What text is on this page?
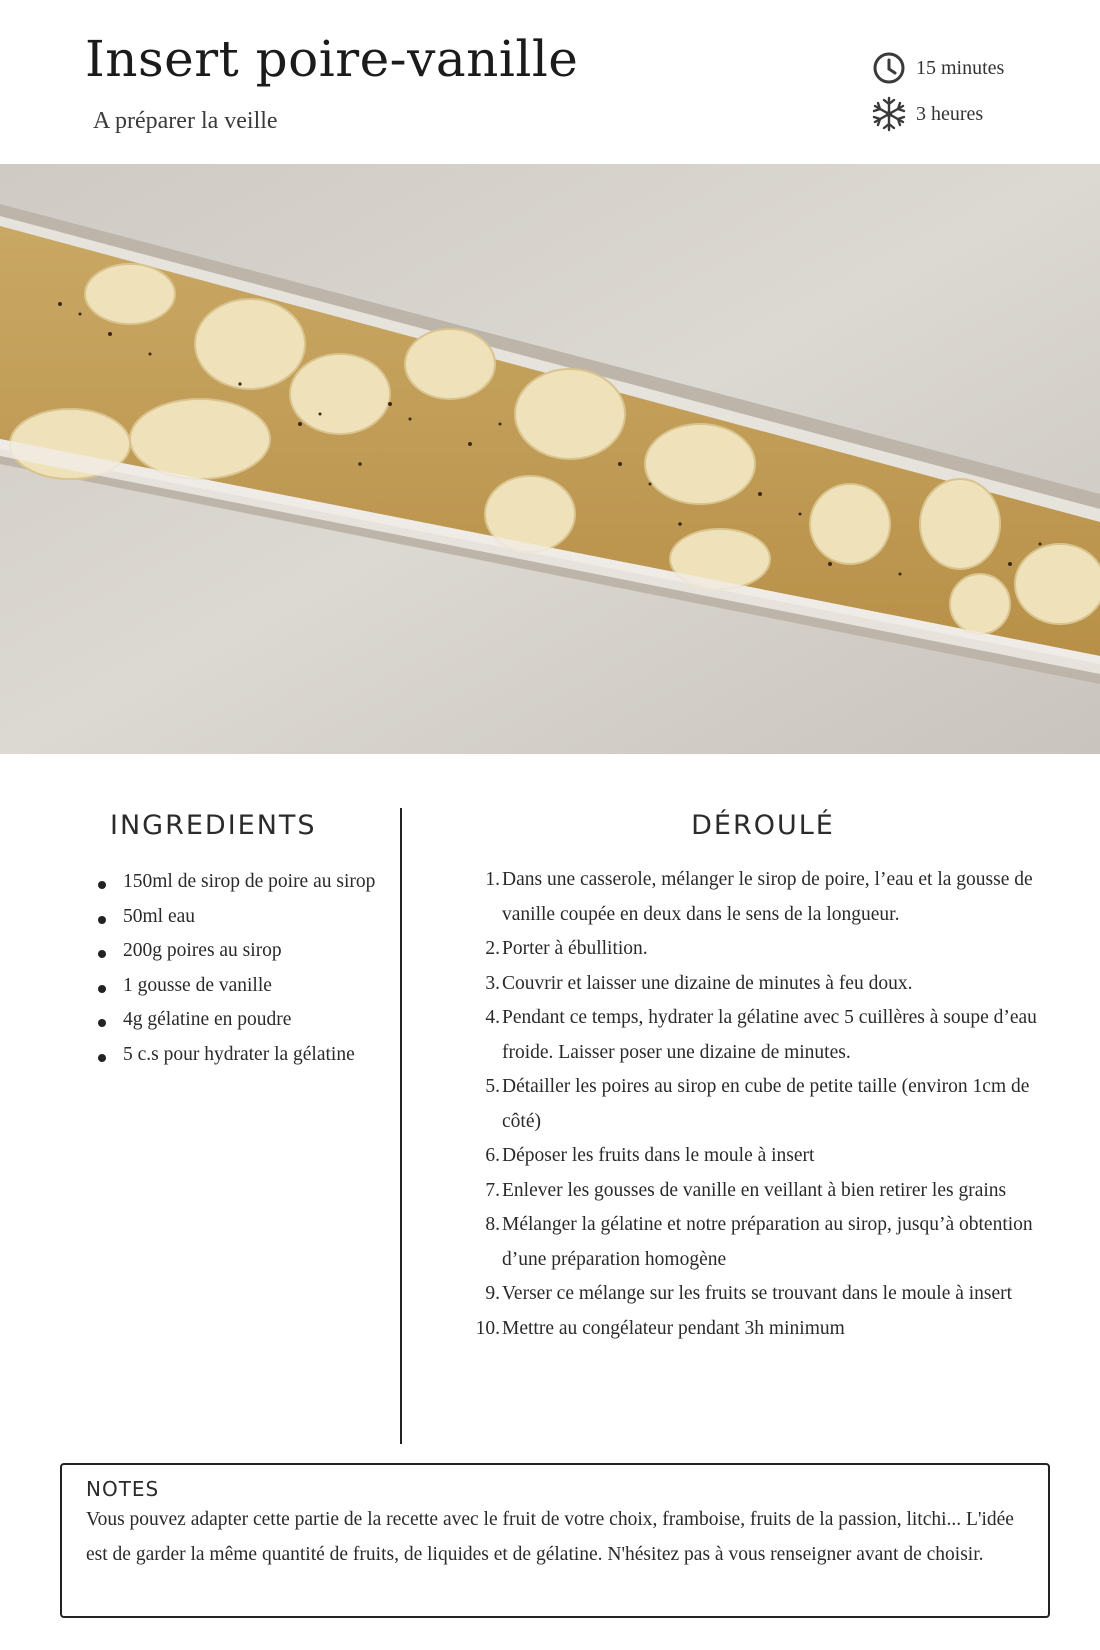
Insert poire-vanille
A préparer la veille
15 minutes
3 heures
INGREDIENTS
150ml de sirop de poire au sirop
50ml eau
200g poires au sirop
1 gousse de vanille
4g gélatine en poudre
5 c.s pour hydrater la gélatine
DÉROULÉ
1. Dans une casserole, mélanger le sirop de poire, l’eau et la gousse de vanille coupée en deux dans le sens de la longueur.
2. Porter à ébullition.
3. Couvrir et laisser une dizaine de minutes à feu doux.
4. Pendant ce temps, hydrater la gélatine avec 5 cuillères à soupe d’eau froide. Laisser poser une dizaine de minutes.
5. Détailler les poires au sirop en cube de petite taille (environ 1cm de côté)
6. Déposer les fruits dans le moule à insert
7. Enlever les gousses de vanille en veillant à bien retirer les grains
8. Mélanger la gélatine et notre préparation au sirop, jusqu’à obtention d’une préparation homogène
9. Verser ce mélange sur les fruits se trouvant dans le moule à insert
10. Mettre au congélateur pendant 3h minimum
NOTES

Vous pouvez adapter cette partie de la recette avec le fruit de votre choix, framboise, fruits de la passion, litchi... L'idée est de garder la même quantité de fruits, de liquides et de gélatine. N'hésitez pas à vous renseigner avant de choisir.
